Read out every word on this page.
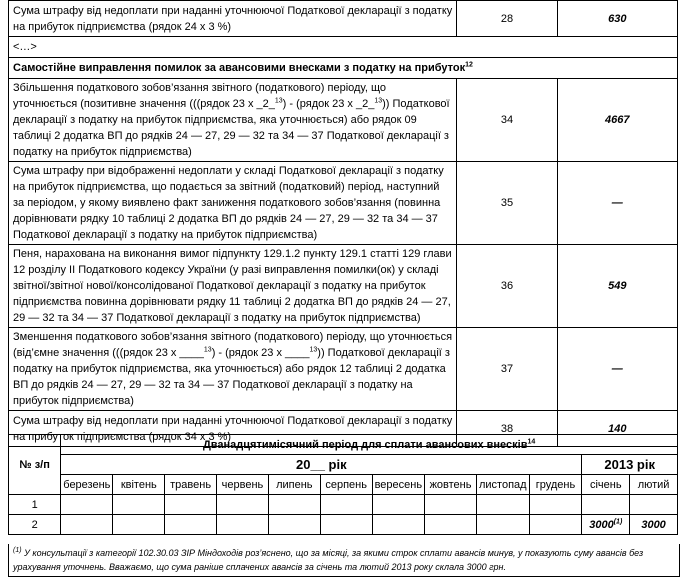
Сума штрафу від недоплати при наданні уточнюючої Податкової декларації з податку на прибуток підприємства (рядок 24 х 3 %)	28	630
<…>		
Самостійне виправлення помилок за авансовими внесками з податку на прибуток$^{12}$
Збільшення податкового зобов’язання звітного (податкового) періоду, що уточнюється (позитивне значення (((рядок 23 х _2_$^{13}$) - (рядок 23 х _2_$^{13}$)) Податкової декларації з податку на прибуток підприємства, яка уточнюється) або рядок 09 таблиці 2 додатка ВП до рядків 24 — 27, 29 — 32 та 34 — 37 Податкової декларації з податку на прибуток підприємства)	34	4667
Сума штрафу при відображенні недоплати у складі Податкової декларації з податку на прибуток підприємства, що подається за звітний (податковий) період, наступний за періодом, у якому виявлено факт заниження податкового зобов’язання (повинна дорівнювати рядку 10 таблиці 2 додатка ВП до рядків 24 — 27, 29 — 32 та 34 — 37 Податкової декларації з податку на прибуток підприємства)	35	—
Пеня, нарахована на виконання вимог підпункту 129.1.2 пункту 129.1 статті 129 глави 12 розділу II Податкового кодексу України (у разі виправлення помилки(ок) у складі звітної/звітної нової/консолідованої Податкової декларації з податку на прибуток підприємства повинна дорівнювати рядку 11 таблиці 2 додатка ВП до рядків 24 — 27, 29 — 32 та 34 — 37 Податкової декларації з податку на прибуток підприємства)	36	549
Зменшення податкового зобов’язання звітного (податкового) періоду, що уточнюється (від’ємне значення (((рядок 23 х ____$^{13}$) - (рядок 23 х ____$^{13}$)) Податкової декларації з податку на прибуток підприємства, яка уточнюється) або рядок 12 таблиці 2 додатка ВП до рядків 24 — 27, 29 — 32 та 34 — 37 Податкової декларації з податку на прибуток підприємства)	37	—
Сума штрафу від недоплати при наданні уточнюючої Податкової декларації з податку на прибуток підприємства (рядок 34 х 3 %)	38	140
№ з/п	Дванадцятимісячний період для сплати авансових внесків$^{14}$
	20__ рік										2013 рік	
	березень	квітень	травень	червень	липень	серпень	вересень	жовтень	листопад	грудень	січень	лютий
1												
2											3000$^{(1)}$	3000
$^{(1)}$ У консультації з категорії 102.30.03 ЗІР Міндоходів роз’яснено, що за місяці, за якими строк сплати авансів минув, у показують суму авансів без урахування уточнень. Вважаємо, що сума раніше сплачених авансів за січень та лютий 2013 року склала 3000 грн.
